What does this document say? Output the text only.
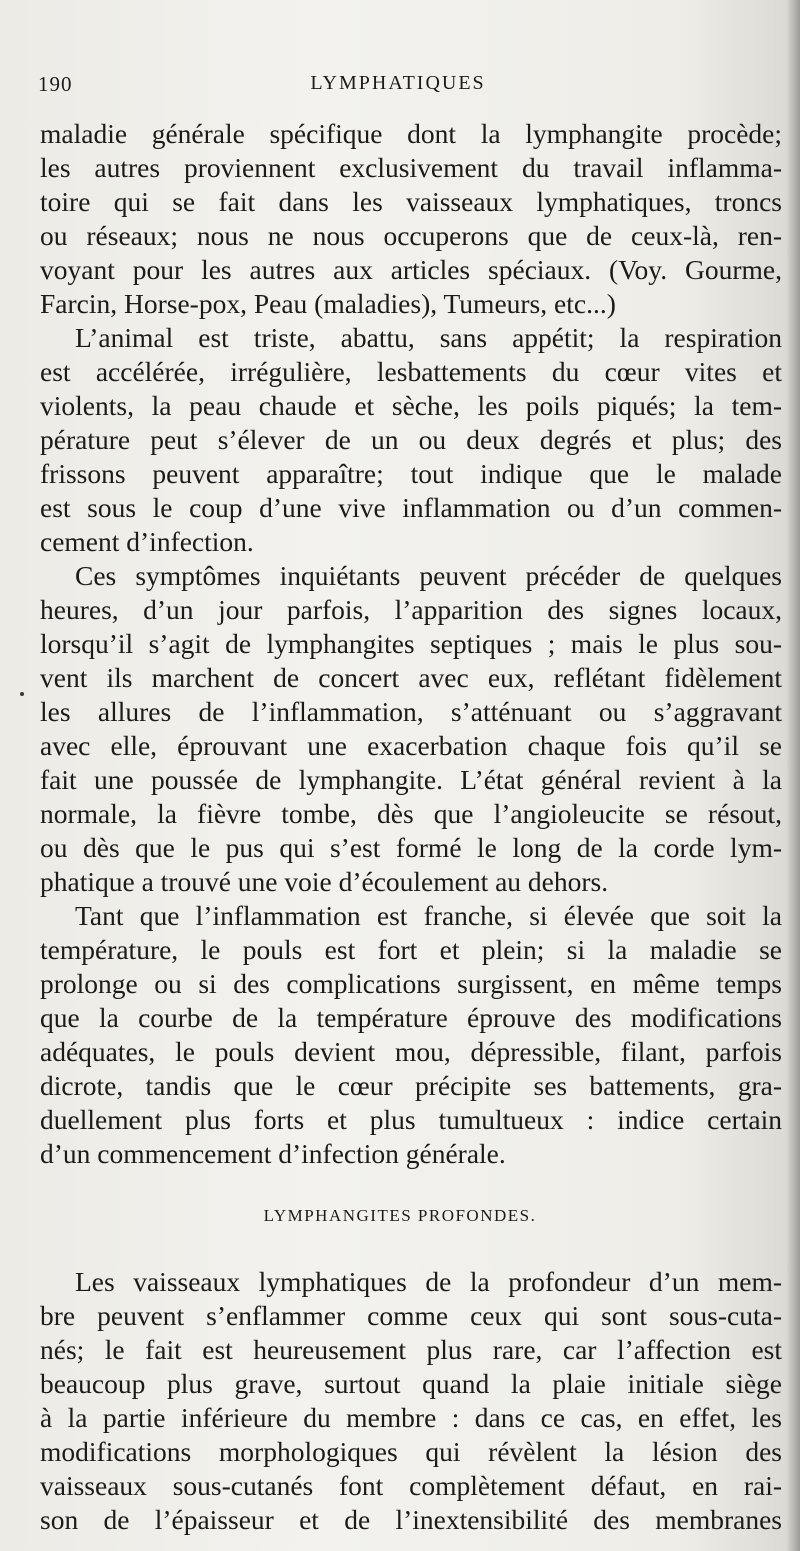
190	LYMPHATIQUES
maladie générale spécifique dont la lymphangite procède;
les autres proviennent exclusivement du travail inflamma-
toire qui se fait dans les vaisseaux lymphatiques, troncs
ou réseaux; nous ne nous occuperons que de ceux-là, ren-
voyant pour les autres aux articles spéciaux. (Voy. Gourme,
Farcin, Horse-pox, Peau (maladies), Tumeurs, etc...)
L’animal est triste, abattu, sans appétit; la respiration
est accélérée, irrégulière, lesbattements du cœur vites et
violents, la peau chaude et sèche, les poils piqués; la tem-
pérature peut s’élever de un ou deux degrés et plus; des
frissons peuvent apparaître; tout indique que le malade
est sous le coup d’une vive inflammation ou d’un commen-
cement d’infection.
Ces symptômes inquiétants peuvent précéder de quelques
heures, d’un jour parfois, l’apparition des signes locaux,
lorsqu’il s’agit de lymphangites septiques ; mais le plus sou-
vent ils marchent de concert avec eux, reflétant fidèlement
les allures de l’inflammation, s’atténuant ou s’aggravant
avec elle, éprouvant une exacerbation chaque fois qu’il se
fait une poussée de lymphangite. L’état général revient à la
normale, la fièvre tombe, dès que l’angioleucite se résout,
ou dès que le pus qui s’est formé le long de la corde lym-
phatique a trouvé une voie d’écoulement au dehors.
Tant que l’inflammation est franche, si élevée que soit la
température, le pouls est fort et plein; si la maladie se
prolonge ou si des complications surgissent, en même temps
que la courbe de la température éprouve des modifications
adéquates, le pouls devient mou, dépressible, filant, parfois
dicrote, tandis que le cœur précipite ses battements, gra-
duellement plus forts et plus tumultueux : indice certain
d’un commencement d’infection générale.
LYMPHANGITES PROFONDES.
Les vaisseaux lymphatiques de la profondeur d’un mem-
bre peuvent s’enflammer comme ceux qui sont sous-cuta-
nés; le fait est heureusement plus rare, car l’affection est
beaucoup plus grave, surtout quand la plaie initiale siège
à la partie inférieure du membre : dans ce cas, en effet, les
modifications morphologiques qui révèlent la lésion des
vaisseaux sous-cutanés font complètement défaut, en rai-
son de l’épaisseur et de l’inextensibilité des membranes
